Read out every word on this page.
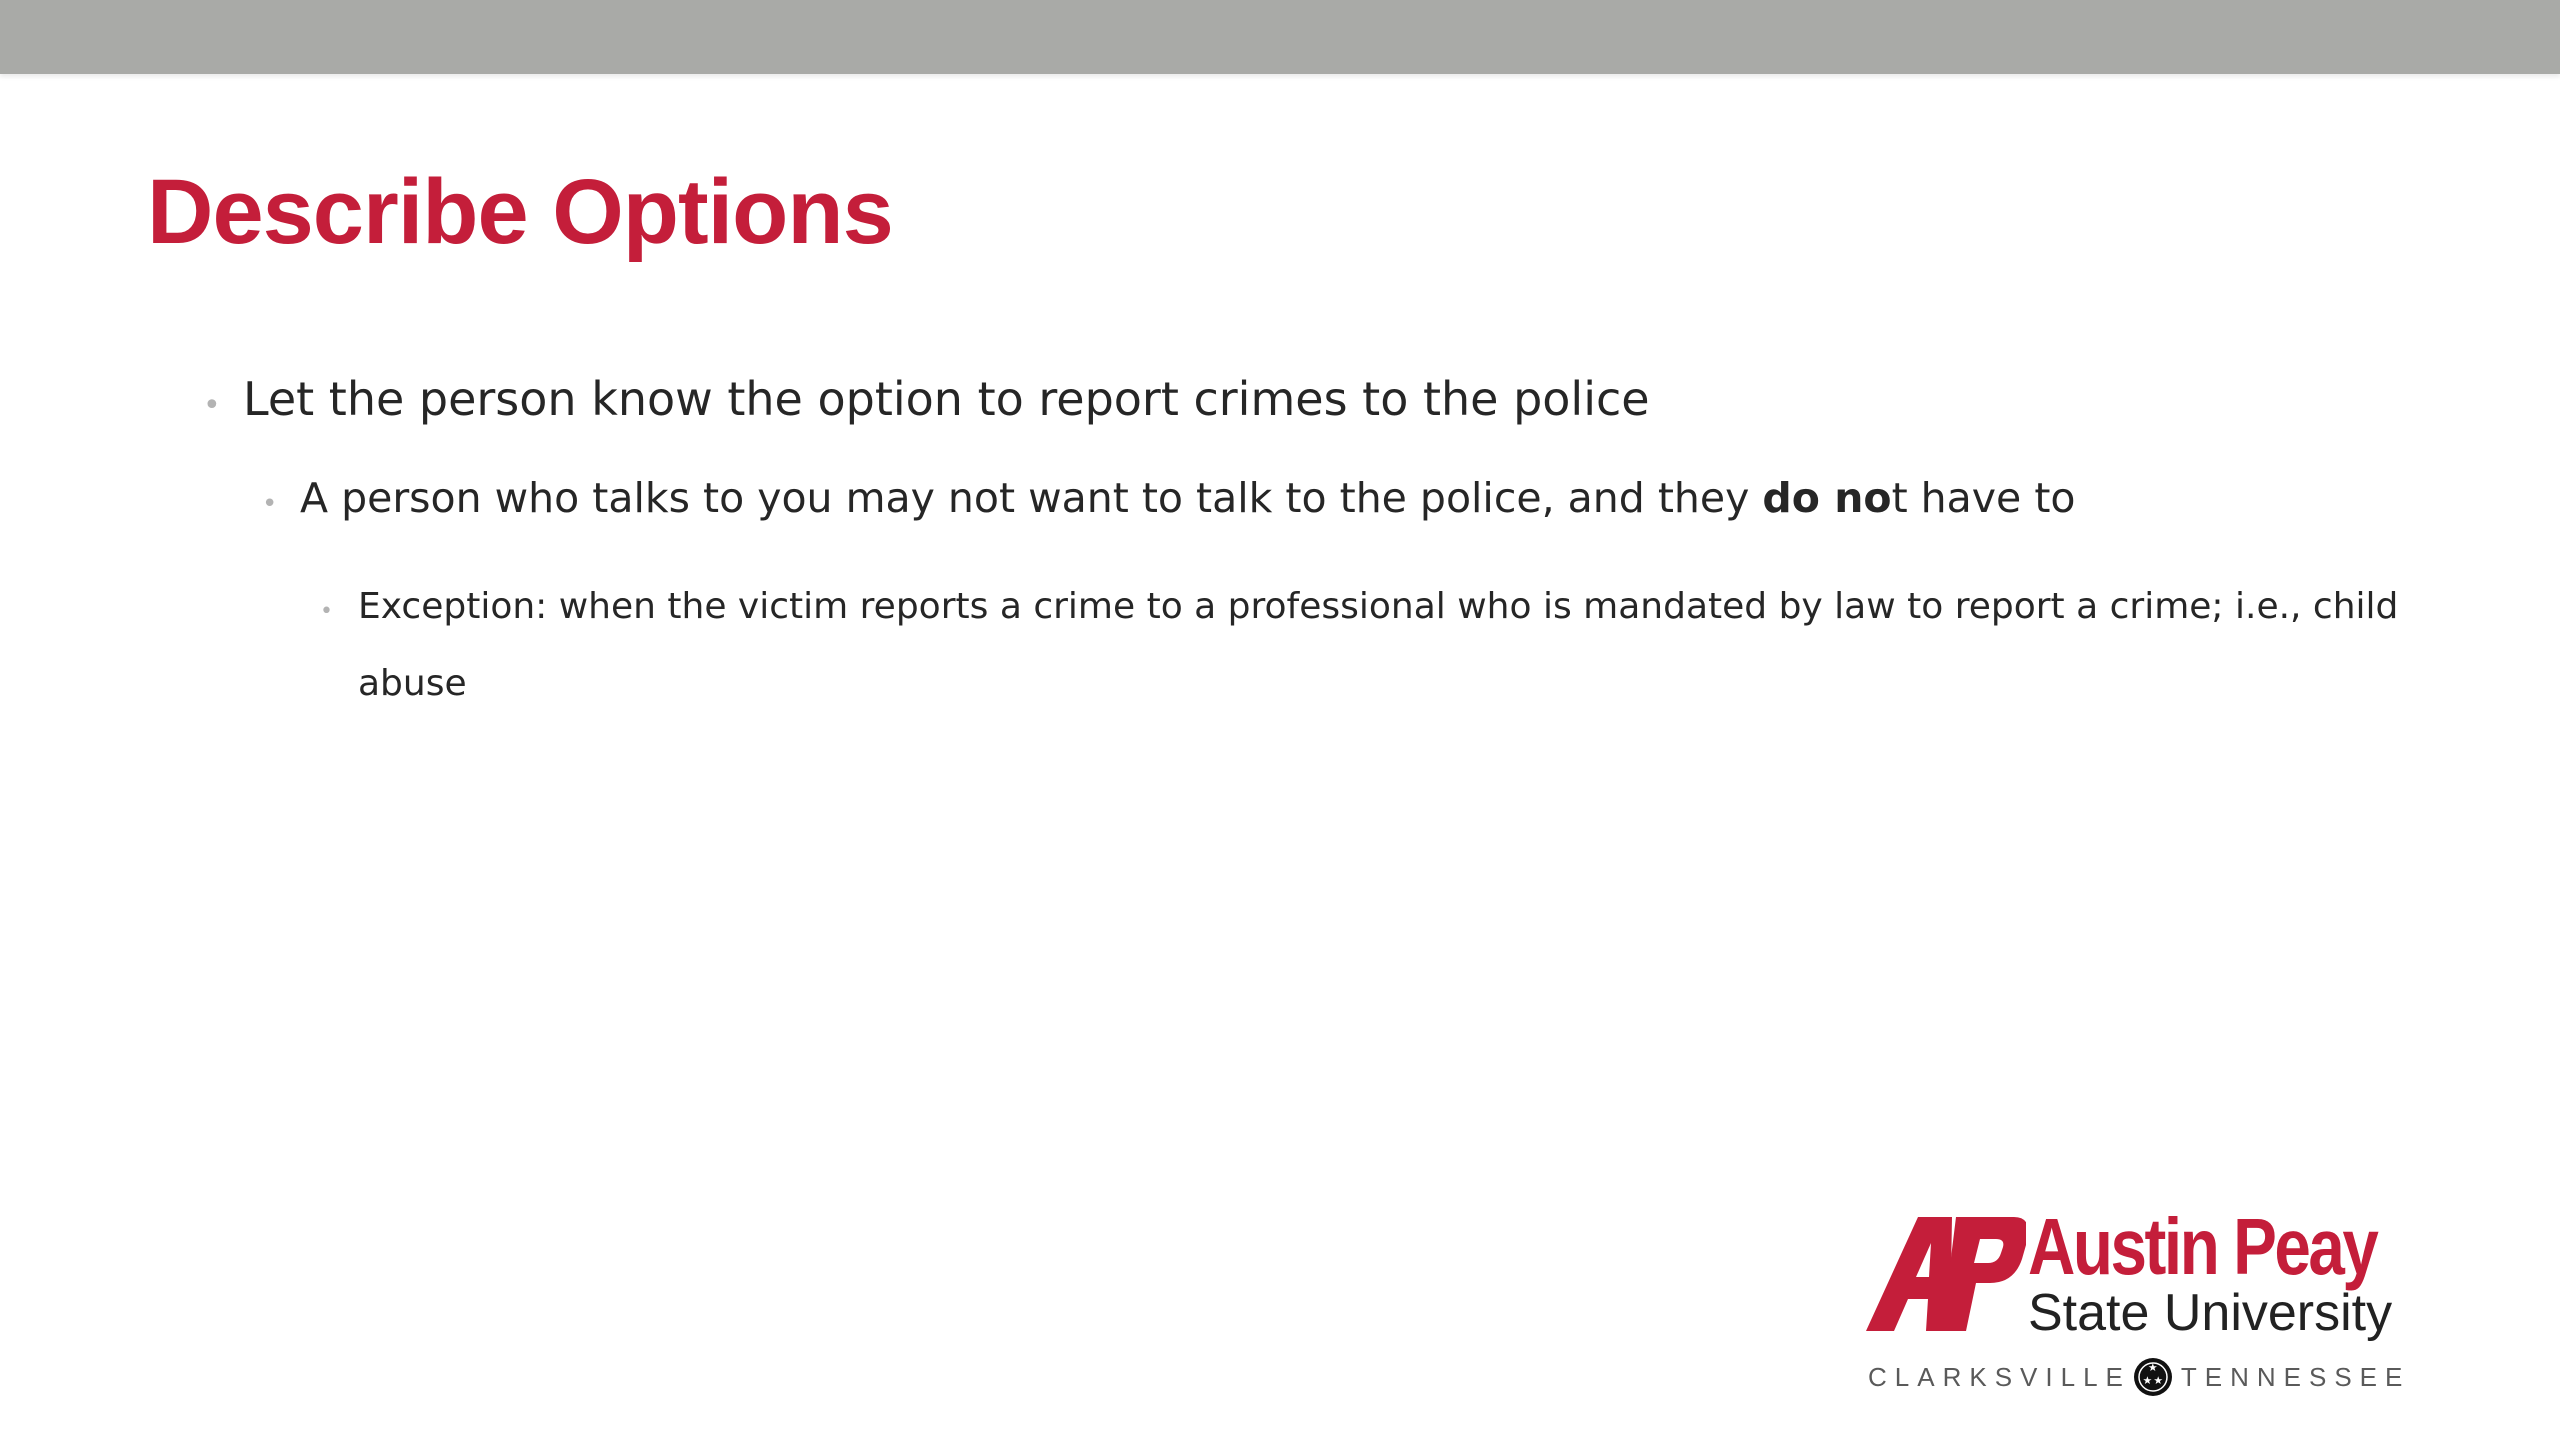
Describe Options
• Let the person know the option to report crimes to the police
• A person who talks to you may not want to talk to the police, and they do not have to
• Exception: when the victim reports a crime to a professional who is mandated by law to report a crime; i.e., child abuse
Austin Peay
State University
CLARKSVILLE TENNESSEE
